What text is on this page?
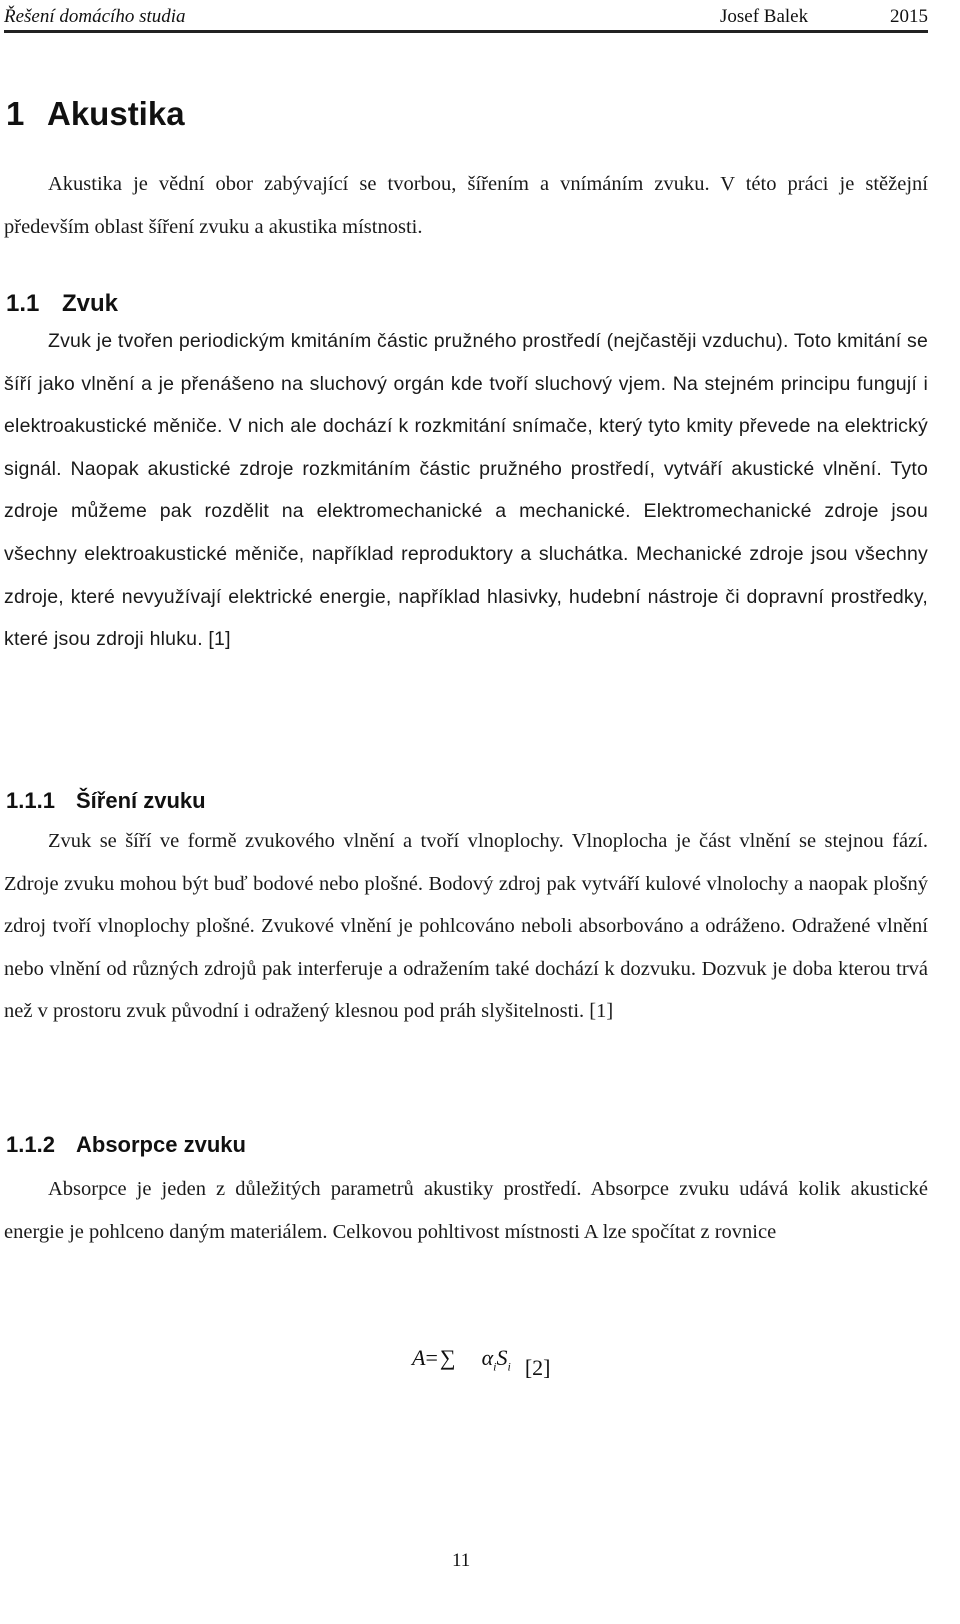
Řešení domácího studia	Josef Balek	2015
1 Akustika

Akustika je vědní obor zabývající se tvorbou, šířením a vnímáním zvuku. V této práci je stěžejní především oblast šíření zvuku a akustika místnosti.

1.1 Zvuk

Zvuk je tvořen periodickým kmitáním částic pružného prostředí (nejčastěji vzduchu). Toto kmitání se šíří jako vlnění a je přenášeno na sluchový orgán kde tvoří sluchový vjem. Na stejném principu fungují i elektroakustické měniče. V nich ale dochází k rozkmitání snímače, který tyto kmity převede na elektrický signál. Naopak akustické zdroje rozkmitáním částic pružného prostředí, vytváří akustické vlnění. Tyto zdroje můžeme pak rozdělit na elektromechanické a mechanické. Elektromechanické zdroje jsou všechny elektroakustické měniče, například reproduktory a sluchátka. Mechanické zdroje jsou všechny zdroje, které nevyužívají elektrické energie, například hlasivky, hudební nástroje či dopravní prostředky, které jsou zdroji hluku. [1]

1.1.1 Šíření zvuku

Zvuk se šíří ve formě zvukového vlnění a tvoří vlnoplochy. Vlnoplocha je část vlnění se stejnou fází. Zdroje zvuku mohou být buď bodové nebo plošné. Bodový zdroj pak vytváří kulové vlnolochy a naopak plošný zdroj tvoří vlnoplochy plošné. Zvukové vlnění je pohlcováno neboli absorbováno a odráženo. Odražené vlnění nebo vlnění od různých zdrojů pak interferuje a odražením také dochází k dozvuku. Dozvuk je doba kterou trvá než v prostoru zvuk původní i odražený klesnou pod práh slyšitelnosti. [1]

1.1.2 Absorpce zvuku

Absorpce je jeden z důležitých parametrů akustiky prostředí. Absorpce zvuku udává kolik akustické energie je pohlceno daným materiálem. Celkovou pohltivost místnosti A lze spočítat z rovnice

A=∑ $\alpha_iS_i$ [2]
11
